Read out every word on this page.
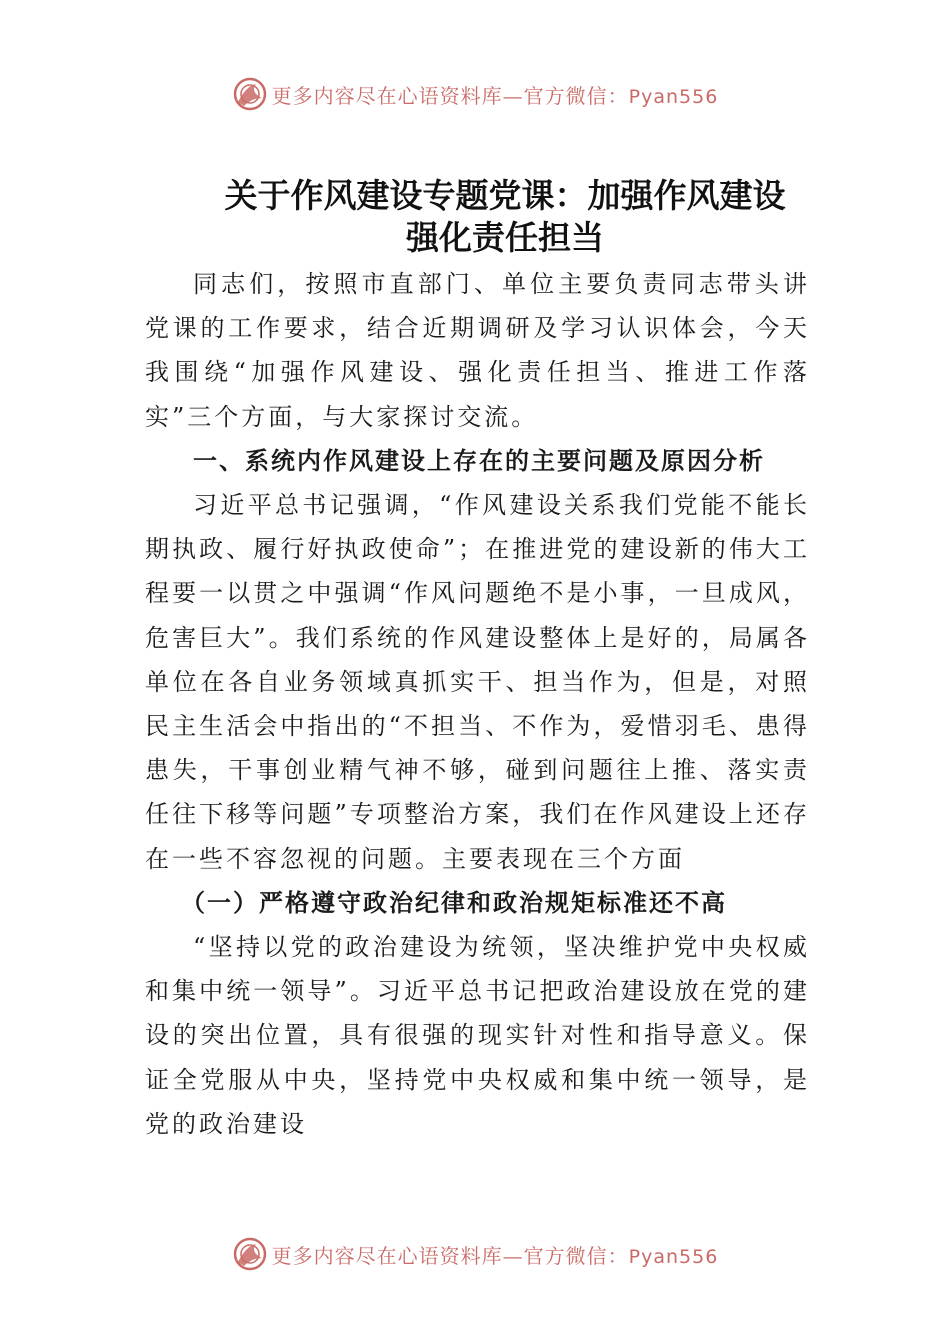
更多内容尽在心语资料库—官方微信：Pyan556
关于作风建设专题党课：加强作风建设
强化责任担当

同志们，按照市直部门、单位主要负责同志带头讲党课的工作要求，结合近期调研及学习认识体会，今天我围绕“加强作风建设、强化责任担当、推进工作落实”三个方面，与大家探讨交流。

一、系统内作风建设上存在的主要问题及原因分析

习近平总书记强调，“作风建设关系我们党能不能长期执政、履行好执政使命”；在推进党的建设新的伟大工程要一以贯之中强调“作风问题绝不是小事，一旦成风，危害巨大”。我们系统的作风建设整体上是好的，局属各单位在各自业务领域真抓实干、担当作为，但是，对照民主生活会中指出的“不担当、不作为，爱惜羽毛、患得患失，干事创业精气神不够，碰到问题往上推、落实责任往下移等问题”专项整治方案，我们在作风建设上还存在一些不容忽视的问题。主要表现在三个方面

（一）严格遵守政治纪律和政治规矩标准还不高

“坚持以党的政治建设为统领，坚决维护党中央权威和集中统一领导”。习近平总书记把政治建设放在党的建设的突出位置，具有很强的现实针对性和指导意义。保证全党服从中央，坚持党中央权威和集中统一领导，是党的政治建设

更多内容尽在心语资料库—官方微信：Pyan556
